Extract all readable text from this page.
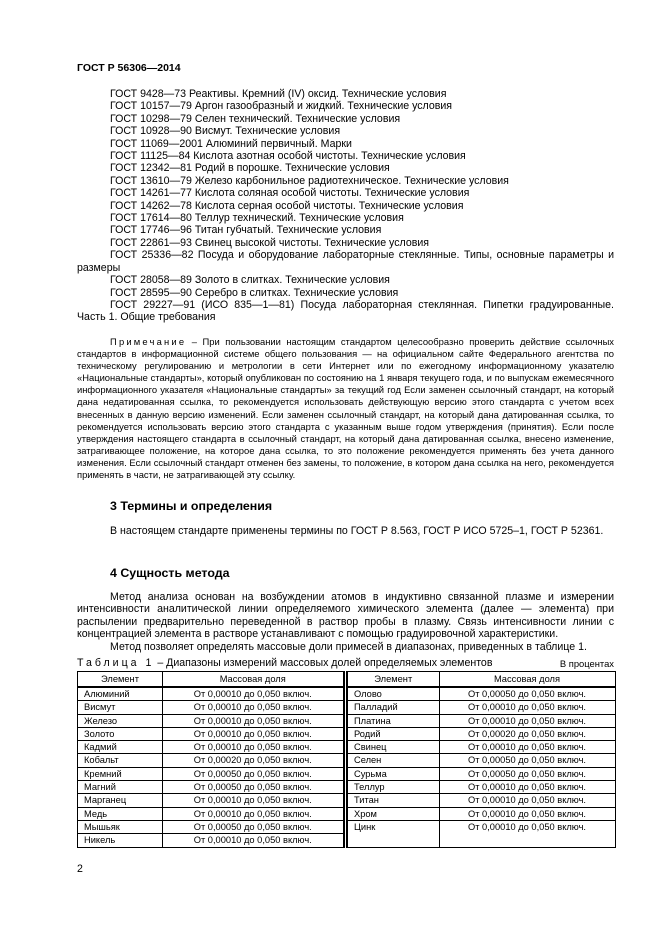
ГОСТ Р 56306—2014

ГОСТ 9428—73 Реактивы. Кремний (IV) оксид. Технические условия

ГОСТ 10157—79 Аргон газообразный и жидкий. Технические условия

ГОСТ 10298—79 Селен технический. Технические условия

ГОСТ 10928—90 Висмут. Технические условия

ГОСТ 11069—2001 Алюминий первичный. Марки

ГОСТ 11125—84 Кислота азотная особой чистоты. Технические условия

ГОСТ 12342—81 Родий в порошке. Технические условия

ГОСТ 13610—79 Железо карбонильное радиотехническое. Технические условия

ГОСТ 14261—77 Кислота соляная особой чистоты. Технические условия

ГОСТ 14262—78 Кислота серная особой чистоты. Технические условия

ГОСТ 17614—80 Теллур технический. Технические условия

ГОСТ 17746—96 Титан губчатый. Технические условия

ГОСТ 22861—93 Свинец высокой чистоты. Технические условия

ГОСТ 25336—82 Посуда и оборудование лабораторные стеклянные. Типы, основные параметры и размеры

ГОСТ 28058—89 Золото в слитках. Технические условия

ГОСТ 28595—90 Серебро в слитках. Технические условия

ГОСТ 29227—91 (ИСО 835—1—81) Посуда лабораторная стеклянная. Пипетки градуированные. Часть 1. Общие требования

Примечание – При пользовании настоящим стандартом целесообразно проверить действие ссылочных стандартов в информационной системе общего пользования — на официальном сайте Федерального агентства по техническому регулированию и метрологии в сети Интернет или по ежегодному информационному указателю «Национальные стандарты», который опубликован по состоянию на 1 января текущего года, и по выпускам ежемесячного информационного указателя «Национальные стандарты» за текущий год Если заменен ссылочный стандарт, на который дана недатированная ссылка, то рекомендуется использовать действующую версию этого стандарта с учетом всех внесенных в данную версию изменений. Если заменен ссылочный стандарт, на который дана датированная ссылка, то рекомендуется использовать версию этого стандарта с указанным выше годом утверждения (принятия). Если после утверждения настоящего стандарта в ссылочный стандарт, на который дана датированная ссылка, внесено изменение, затрагивающее положение, на которое дана ссылка, то это положение рекомендуется применять без учета данного изменения. Если ссылочный стандарт отменен без замены, то положение, в котором дана ссылка на него, рекомендуется применять в части, не затрагивающей эту ссылку.
3 Термины и определения

В настоящем стандарте применены термины по ГОСТ Р 8.563, ГОСТ Р ИСО 5725–1, ГОСТ Р 52361.

4 Сущность метода

Метод анализа основан на возбуждении атомов в индуктивно связанной плазме и измерении интенсивности аналитической линии определяемого химического элемента (далее — элемента) при распылении предварительно переведенной в раствор пробы в плазму. Связь интенсивности линии с концентрацией элемента в растворе устанавливают с помощью градуировочной характеристики.

Метод позволяет определять массовые доли примесей в диапазонах, приведенных в таблице 1.

Таблица 1 – Диапазоны измерений массовых долей определяемых элементов	В процентах
Элемент	Массовая доля
Алюминий	От 0,00010 до 0,050 включ.
Висмут	От 0,00010 до 0,050 включ.
Железо	От 0,00010 до 0,050 включ.
Золото	От 0,00010 до 0,050 включ.
Кадмий	От 0,00010 до 0,050 включ.
Кобальт	От 0,00020 до 0,050 включ.
Кремний	От 0,00050 до 0,050 включ.
Магний	От 0,00050 до 0,050 включ.
Марганец	От 0,00010 до 0,050 включ.
Медь	От 0,00010 до 0,050 включ.
Мышьяк	От 0,00050 до 0,050 включ.
Никель	От 0,00010 до 0,050 включ.
Элемент	Массовая доля
Олово	От 0,00050 до 0,050 включ.
Палладий	От 0,00010 до 0,050 включ.
Платина	От 0,00010 до 0,050 включ.
Родий	От 0,00020 до 0,050 включ.
Свинец	От 0,00010 до 0,050 включ.
Селен	От 0,00050 до 0,050 включ.
Сурьма	От 0,00050 до 0,050 включ.
Теллур	От 0,00010 до 0,050 включ.
Титан	От 0,00010 до 0,050 включ.
Хром	От 0,00010 до 0,050 включ.
Цинк	От 0,00010 до 0,050 включ.
2
